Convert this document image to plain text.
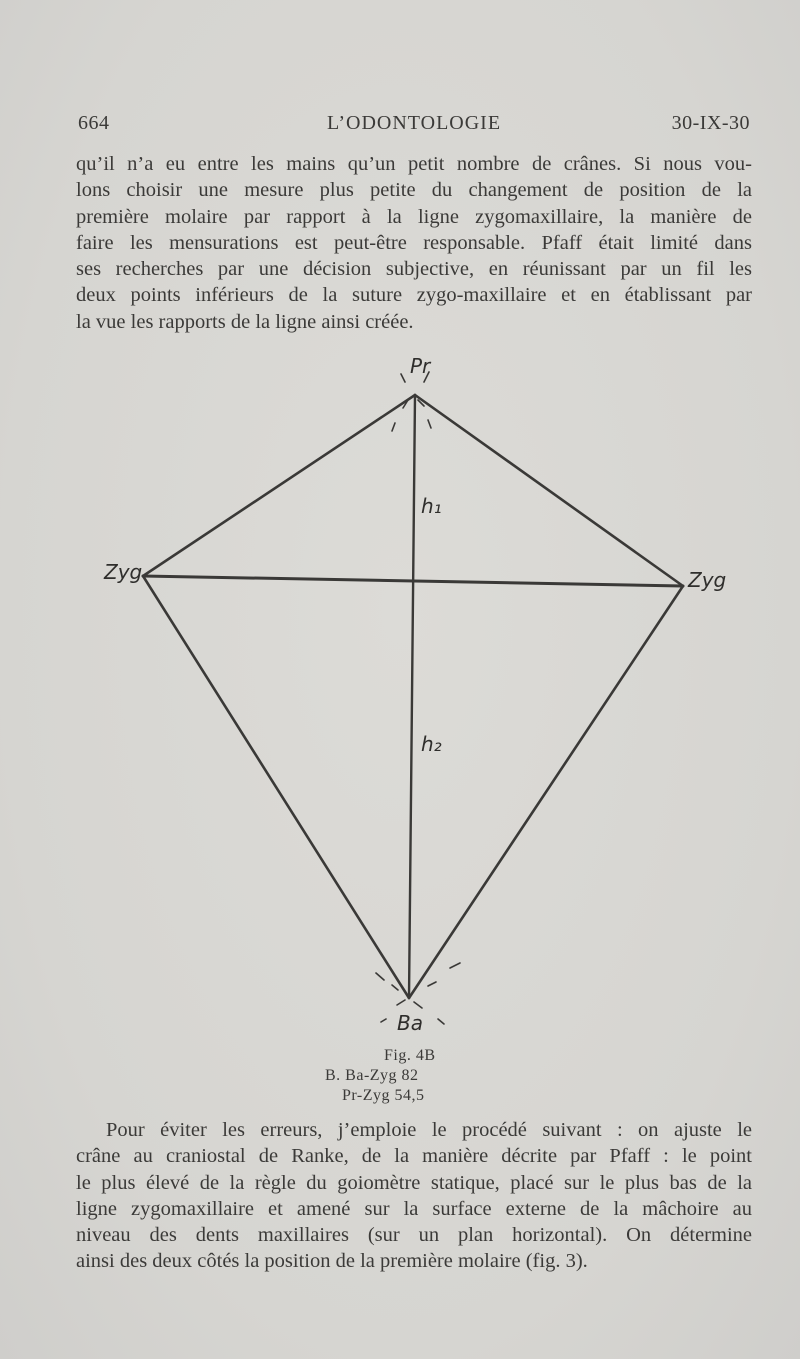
664	L’ODONTOLOGIE	30-IX-30
qu’il n’a eu entre les mains qu’un petit nombre de crânes. Si nous vou-
lons choisir une mesure plus petite du changement de position de la
première molaire par rapport à la ligne zygomaxillaire, la manière de
faire les mensurations est peut-être responsable. Pfaff était limité dans
ses recherches par une décision subjective, en réunissant par un fil les
deux points inférieurs de la suture zygo-maxillaire et en établissant par
la vue les rapports de la ligne ainsi créée.
Pr
Zyg	Zyg
Ba
h₁
h₂
Fig. 4B
B. Ba-Zyg 82
Pr-Zyg 54,5
Pour éviter les erreurs, j’emploie le procédé suivant : on ajuste le
crâne au craniostal de Ranke, de la manière décrite par Pfaff : le point
le plus élevé de la règle du goiomètre statique, placé sur le plus bas de la
ligne zygomaxillaire et amené sur la surface externe de la mâchoire au
niveau des dents maxillaires (sur un plan horizontal). On détermine
ainsi des deux côtés la position de la première molaire (fig. 3).
